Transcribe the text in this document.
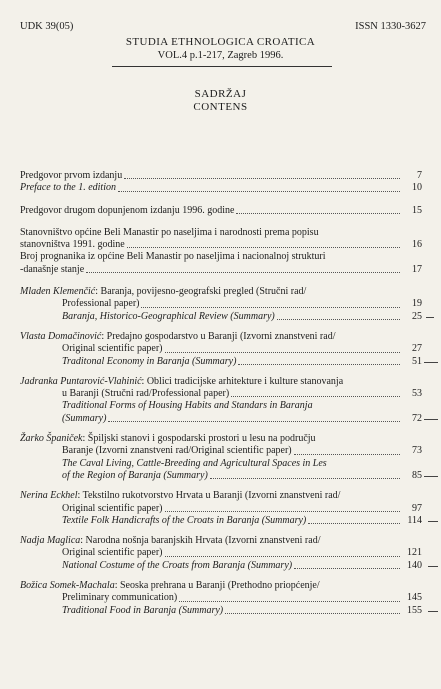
UDK 39(05)	ISSN 1330-3627
STUDIA ETHNOLOGICA CROATICA
VOL.4 p.1-217, Zagreb 1996.
SADRŽAJ
CONTENS
Predgovor prvom izdanju	7
Preface to the 1. edition	10
Predgovor drugom dopunjenom izdanju 1996. godine	15
Stanovništvo općine Beli Manastir po naseljima i narodnosti prema popisu
stanovništva 1991. godine	16
Broj prognanika iz općine Beli Manastir po naseljima i nacionalnoj strukturi
-današnje stanje	17
Mladen Klemenčić: Baranja, povijesno-geografski pregled (Stručni rad/
Professional paper)	19
Baranja, Historico-Geographical Review (Summary)	25
Vlasta Domačinović: Predajno gospodarstvo u Baranji (Izvorni znanstveni rad/
Original scientific paper)	27
Traditonal Economy in Baranja (Summary)	51
Jadranka Puntarović-Vlahinić: Oblici tradicijske arhitekture i kulture stanovanja
u Baranji (Stručni rad/Professional paper)	53
Traditional Forms of Housing Habits and Standars in Baranja
(Summary)	72
Žarko Španiček: Špiljski stanovi i gospodarski prostori u lesu na području
Baranje (Izvorni znanstveni rad/Original scientific paper)	73
The Caval Living, Cattle-Breeding and Agricultural Spaces in Les
of the Region of Baranja (Summary)	85
Nerina Eckhel: Tekstilno rukotvorstvo Hrvata u Baranji (Izvorni znanstveni rad/
Original scientific paper)	97
Textile Folk Handicrafts of the Croats in Baranja (Summary)	114
Nadja Maglica: Narodna nošnja baranjskih Hrvata (Izvorni znanstveni rad/
Original scientific paper)	121
National Costume of the Croats from Baranja (Summary)	140
Božica Somek-Machala: Seoska prehrana u Baranji (Prethodno priopćenje/
Preliminary communication)	145
Traditional Food in Baranja (Summary)	155
